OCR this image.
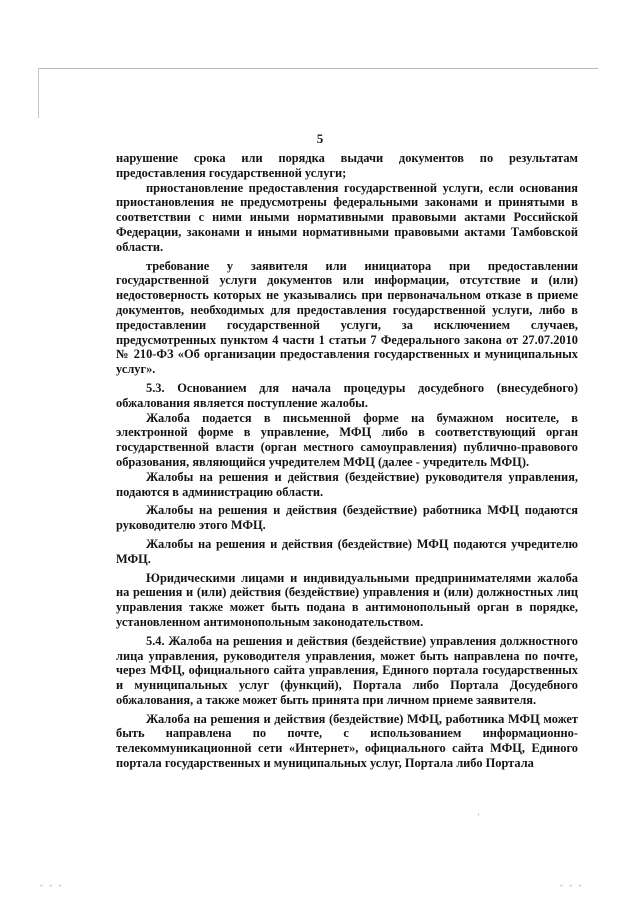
5

нарушение срока или порядка выдачи документов по результатам предоставления государственной услуги;

приостановление предоставления государственной услуги, если основания приостановления не предусмотрены федеральными законами и принятыми в соответствии с ними иными нормативными правовыми актами Российской Федерации, законами и иными нормативными правовыми актами Тамбовской области.

требование у заявителя или инициатора при предоставлении государственной услуги документов или информации, отсутствие и (или) недостоверность которых не указывались при первоначальном отказе в приеме документов, необходимых для предоставления государственной услуги, либо в предоставлении государственной услуги, за исключением случаев, предусмотренных пунктом 4 части 1 статьи 7 Федерального закона от 27.07.2010 № 210-ФЗ «Об организации предоставления государственных и муниципальных услуг».

5.3. Основанием для начала процедуры досудебного (внесудебного) обжалования является поступление жалобы.

Жалоба подается в письменной форме на бумажном носителе, в электронной форме в управление, МФЦ либо в соответствующий орган государственной власти (орган местного самоуправления) публично-правового образования, являющийся учредителем МФЦ (далее - учредитель МФЦ).

Жалобы на решения и действия (бездействие) руководителя управления, подаются в администрацию области.

Жалобы на решения и действия (бездействие) работника МФЦ подаются руководителю этого МФЦ.

Жалобы на решения и действия (бездействие) МФЦ подаются учредителю МФЦ.

Юридическими лицами и индивидуальными предпринимателями жалоба на решения и (или) действия (бездействие) управления и (или) должностных лиц управления также может быть подана в антимонопольный орган в порядке, установленном антимонопольным законодательством.

5.4. Жалоба на решения и действия (бездействие) управления должностного лица управления, руководителя управления, может быть направлена по почте, через МФЦ, официального сайта управления, Единого портала государственных и муниципальных услуг (функций), Портала либо Портала Досудебного обжалования, а также может быть принята при личном приеме заявителя.

Жалоба на решения и действия (бездействие) МФЦ, работника МФЦ может быть направлена по почте, с использованием информационно-телекоммуникационной сети «Интернет», официального сайта МФЦ, Единого портала государственных и муниципальных услуг, Портала либо Портала

- - -	- - -
'
